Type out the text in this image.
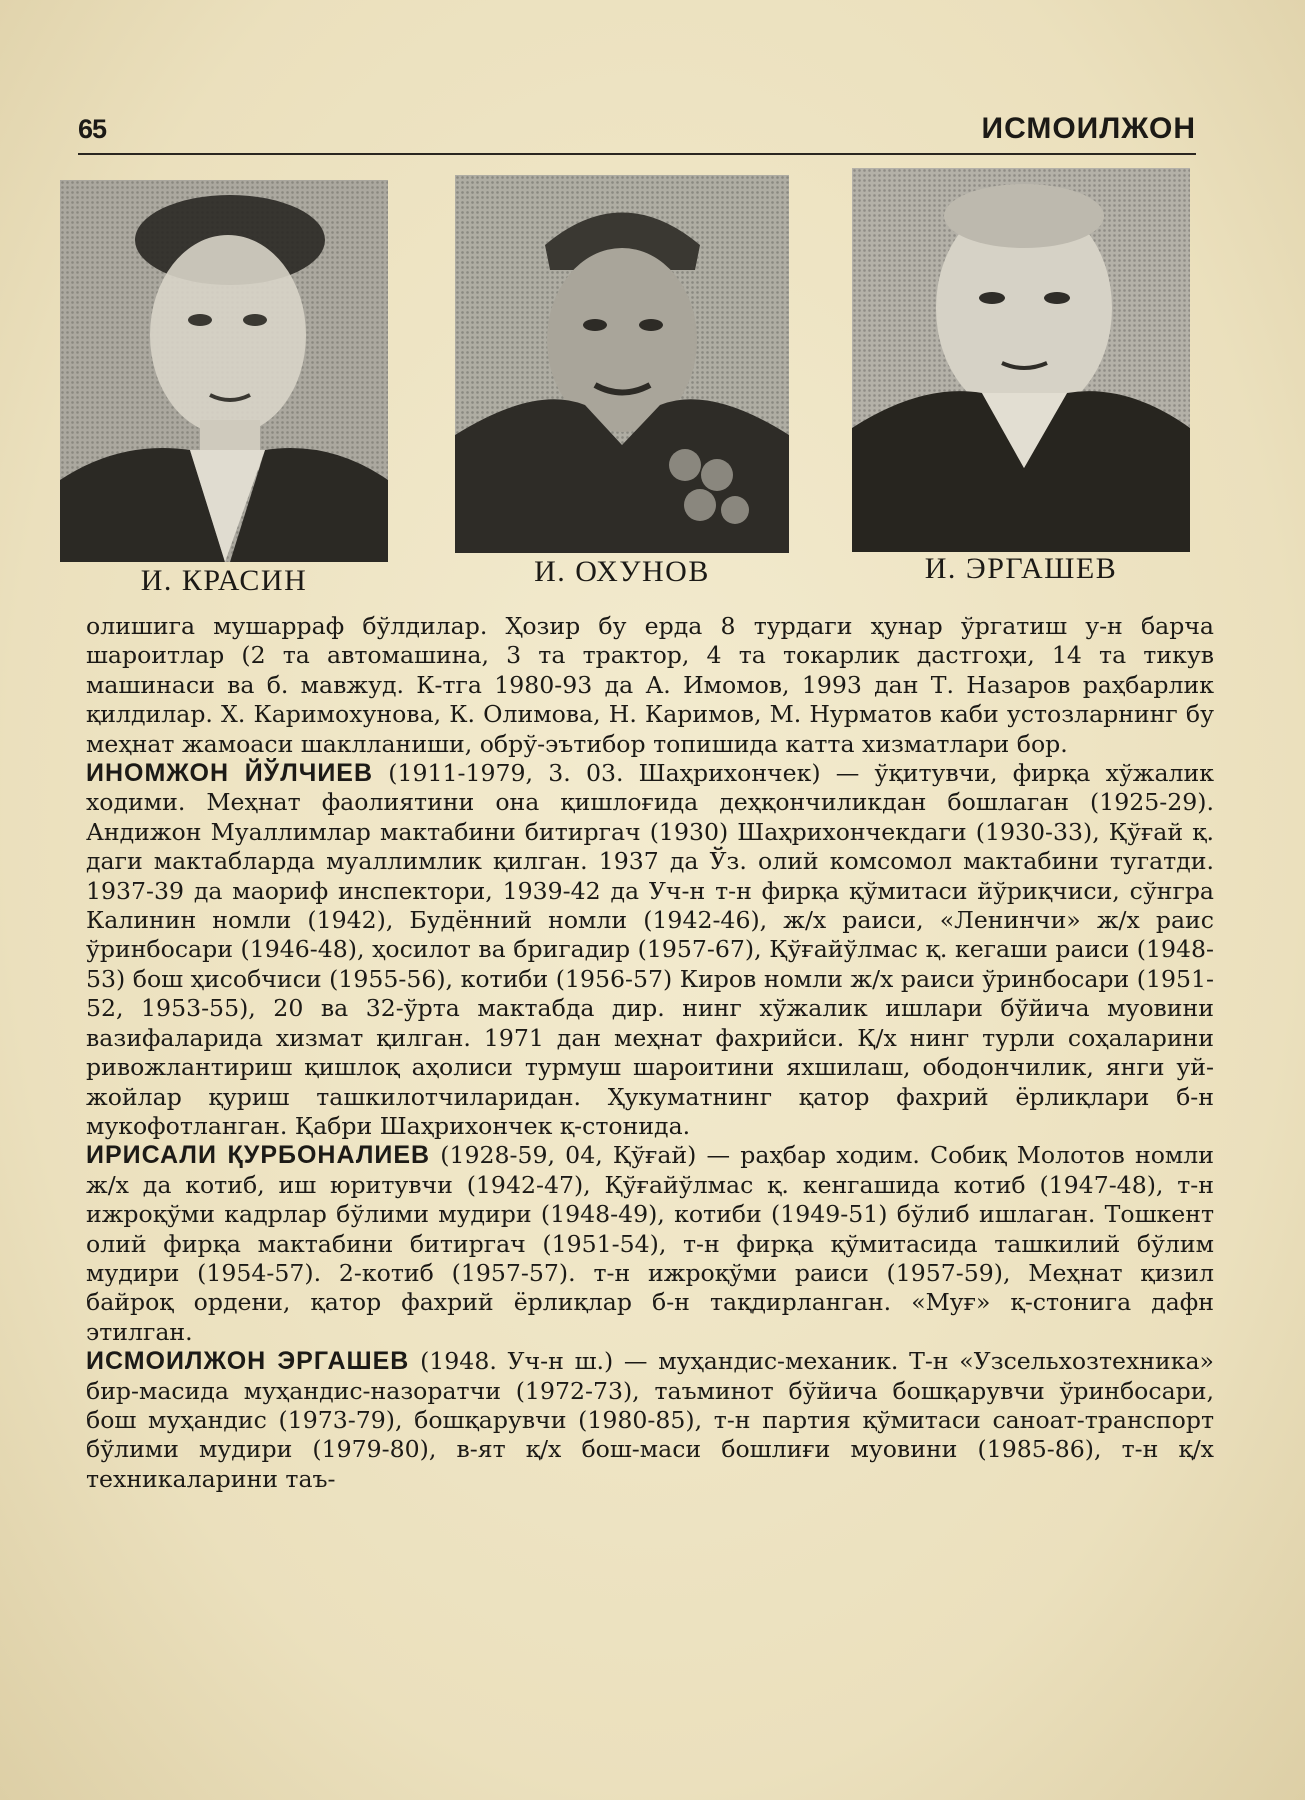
65	ИСМОИЛЖОН
И. КРАСИН	И. ОХУНОВ	И. ЭРГАШЕВ

олишига мушарраф бўлдилар. Ҳозир бу ерда 8 турдаги ҳунар ўргатиш у-н барча шароитлар (2 та автомашина, 3 та трактор, 4 та токарлик дастгоҳи, 14 та тикув машинаси ва б. мавжуд. К-тга 1980-93 да А. Имомов, 1993 дан Т. Назаров раҳбарлик қилдилар. Х. Каримохунова, К. Олимова, Н. Каримов, М. Нурматов каби устозларнинг бу меҳнат жамоаси шаклланиши, обрў-эътибор топишида катта хизматлари бор.

ИНОМЖОН ЙЎЛЧИЕВ (1911-1979, 3. 03. Шаҳрихончек) — ўқитувчи, фирқа хўжалик ходими. Меҳнат фаолиятини она қишлоғида деҳқончиликдан бошлаган (1925-29). Андижон Муаллимлар мактабини битиргач (1930) Шаҳрихончекдаги (1930-33), Қўғай қ. даги мактабларда муаллимлик қилган. 1937 да Ўз. олий комсомол мактабини тугатди. 1937-39 да маориф инспектори, 1939-42 да Уч-н т-н фирқа қўмитаси йўриқчиси, сўнгра Калинин номли (1942), Будённий номли (1942-46), ж/х раиси, «Ленинчи» ж/х раис ўринбосари (1946-48), ҳосилот ва бригадир (1957-67), Қўғайўлмас қ. кегаши раиси (1948-53) бош ҳисобчиси (1955-56), котиби (1956-57) Киров номли ж/х раиси ўринбосари (1951-52, 1953-55), 20 ва 32-ўрта мактабда дир. нинг хўжалик ишлари бўйича муовини вазифаларида хизмат қилган. 1971 дан меҳнат фахрийси. Қ/х нинг турли соҳаларини ривожлантириш қишлоқ аҳолиси турмуш шароитини яхшилаш, ободончилик, янги уй-жойлар қуриш ташкилотчиларидан. Ҳукуматнинг қатор фахрий ёрлиқлари б-н мукофотланган. Қабри Шаҳрихончек қ-стонида.

ИРИСАЛИ ҚУРБОНАЛИЕВ (1928-59, 04, Қўғай) — раҳбар ходим. Собиқ Молотов номли ж/х да котиб, иш юритувчи (1942-47), Қўғайўлмас қ. кенгашида котиб (1947-48), т-н ижроқўми кадрлар бўлими мудири (1948-49), котиби (1949-51) бўлиб ишлаган. Тошкент олий фирқа мактабини битиргач (1951-54), т-н фирқа қўмитасида ташкилий бўлим мудири (1954-57). 2-котиб (1957-57). т-н ижроқўми раиси (1957-59), Меҳнат қизил байроқ ордени, қатор фахрий ёрлиқлар б-н тақдирланган. «Муғ» қ-стонига дафн этилган.

ИСМОИЛЖОН ЭРГАШЕВ (1948. Уч-н ш.) — муҳандис-механик. Т-н «Узсельхозтехника» бир-масида муҳандис-назоратчи (1972-73), таъминот бўйича бошқарувчи ўринбосари, бош муҳандис (1973-79), бошқарувчи (1980-85), т-н партия қўмитаси саноат-транспорт бўлими мудири (1979-80), в-ят қ/х бош-маси бошлиғи муовини (1985-86), т-н қ/х техникаларини таъ-
